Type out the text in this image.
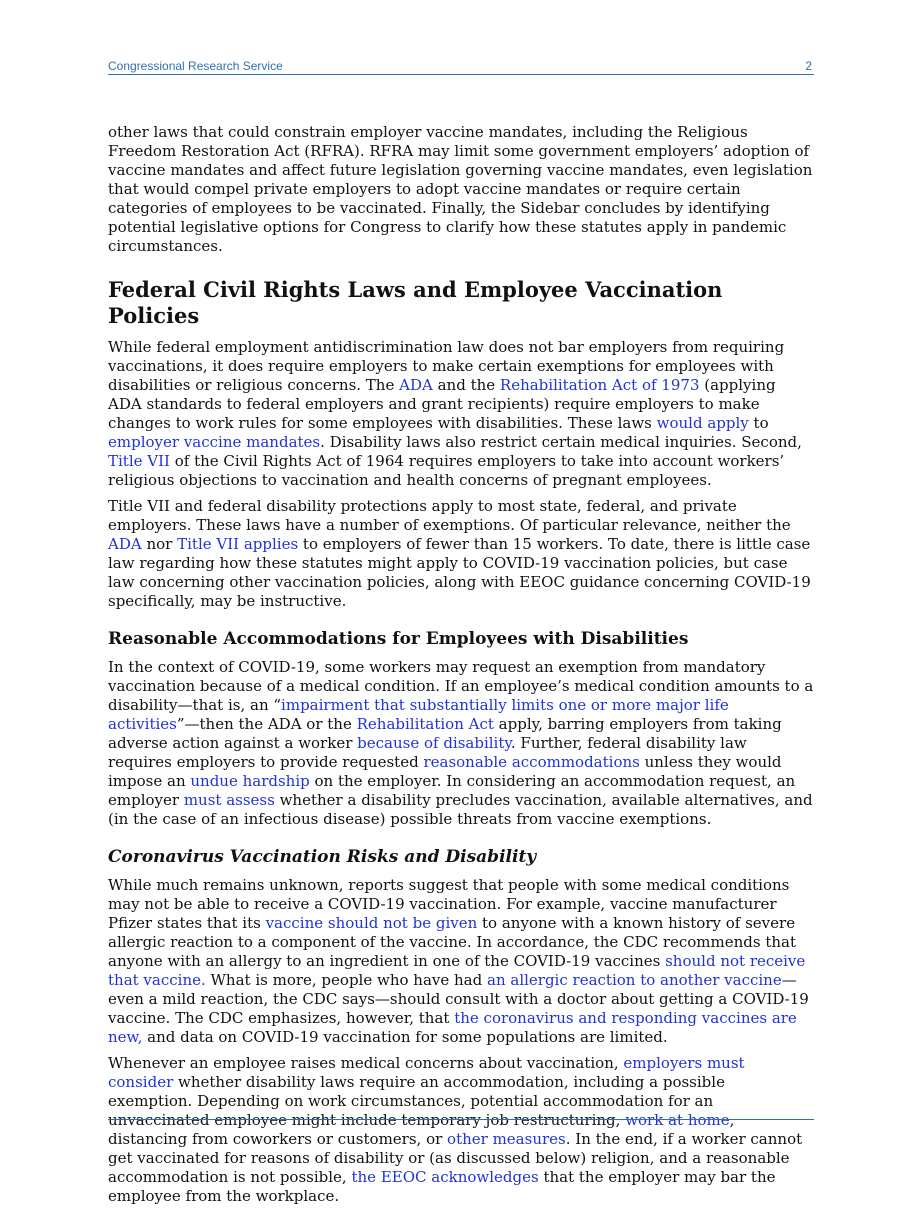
Congressional Research Service	2

other laws that could constrain employer vaccine mandates, including the Religious Freedom Restoration Act (RFRA). RFRA may limit some government employers’ adoption of vaccine mandates and affect future legislation governing vaccine mandates, even legislation that would compel private employers to adopt vaccine mandates or require certain categories of employees to be vaccinated. Finally, the Sidebar concludes by identifying potential legislative options for Congress to clarify how these statutes apply in pandemic circumstances.

Federal Civil Rights Laws and Employee Vaccination Policies

While federal employment antidiscrimination law does not bar employers from requiring vaccinations, it does require employers to make certain exemptions for employees with disabilities or religious concerns. The ADA and the Rehabilitation Act of 1973 (applying ADA standards to federal employers and grant recipients) require employers to make changes to work rules for some employees with disabilities. These laws would apply to employer vaccine mandates. Disability laws also restrict certain medical inquiries. Second, Title VII of the Civil Rights Act of 1964 requires employers to take into account workers’ religious objections to vaccination and health concerns of pregnant employees.

Title VII and federal disability protections apply to most state, federal, and private employers. These laws have a number of exemptions. Of particular relevance, neither the ADA nor Title VII applies to employers of fewer than 15 workers. To date, there is little case law regarding how these statutes might apply to COVID-19 vaccination policies, but case law concerning other vaccination policies, along with EEOC guidance concerning COVID-19 specifically, may be instructive.

Reasonable Accommodations for Employees with Disabilities

In the context of COVID-19, some workers may request an exemption from mandatory vaccination because of a medical condition. If an employee’s medical condition amounts to a disability—that is, an “impairment that substantially limits one or more major life activities”—then the ADA or the Rehabilitation Act apply, barring employers from taking adverse action against a worker because of disability. Further, federal disability law requires employers to provide requested reasonable accommodations unless they would impose an undue hardship on the employer. In considering an accommodation request, an employer must assess whether a disability precludes vaccination, available alternatives, and (in the case of an infectious disease) possible threats from vaccine exemptions.

Coronavirus Vaccination Risks and Disability

While much remains unknown, reports suggest that people with some medical conditions may not be able to receive a COVID-19 vaccination. For example, vaccine manufacturer Pfizer states that its vaccine should not be given to anyone with a known history of severe allergic reaction to a component of the vaccine. In accordance, the CDC recommends that anyone with an allergy to an ingredient in one of the COVID-19 vaccines should not receive that vaccine. What is more, people who have had an allergic reaction to another vaccine—even a mild reaction, the CDC says—should consult with a doctor about getting a COVID-19 vaccine. The CDC emphasizes, however, that the coronavirus and responding vaccines are new, and data on COVID-19 vaccination for some populations are limited.

Whenever an employee raises medical concerns about vaccination, employers must consider whether disability laws require an accommodation, including a possible exemption. Depending on work circumstances, potential accommodation for an unvaccinated employee might include temporary job restructuring, work at home, distancing from coworkers or customers, or other measures. In the end, if a worker cannot get vaccinated for reasons of disability or (as discussed below) religion, and a reasonable accommodation is not possible, the EEOC acknowledges that the employer may bar the employee from the workplace.
